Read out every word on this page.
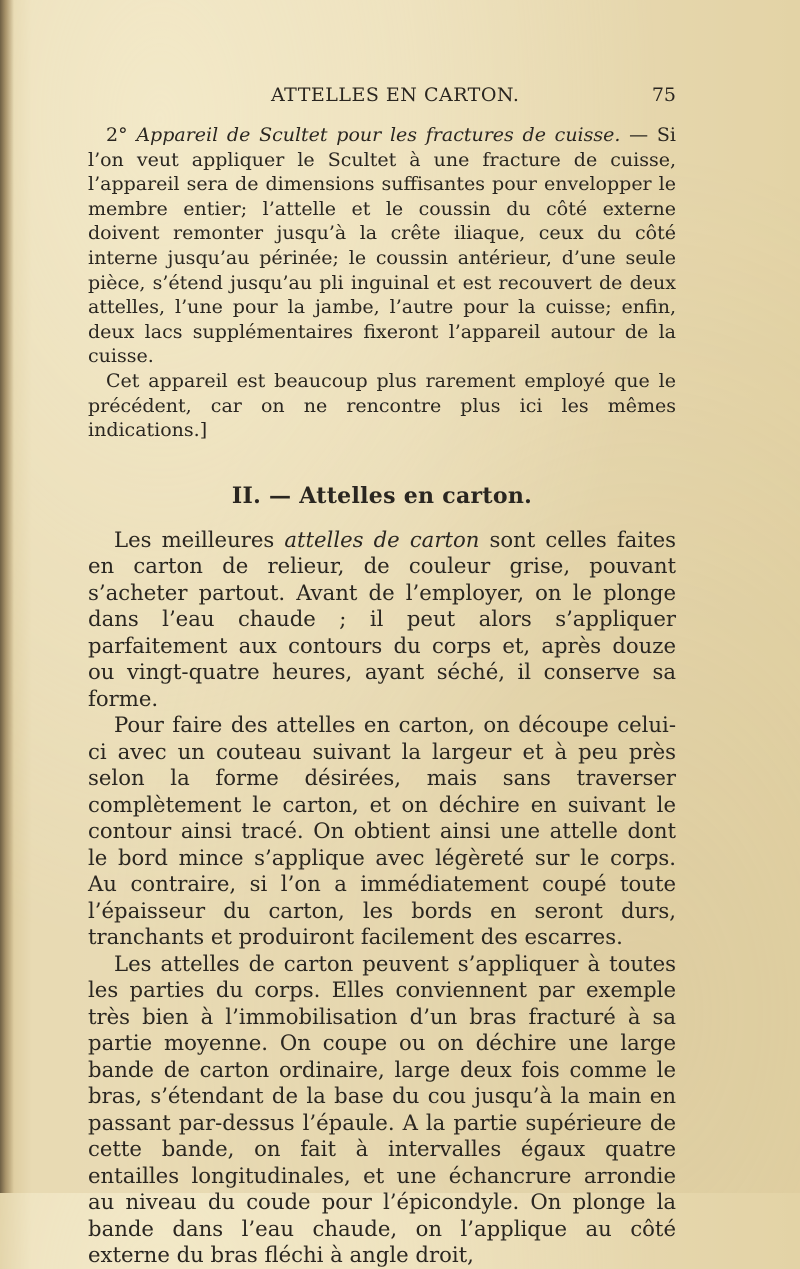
ATTELLES EN CARTON.	75

2° Appareil de Scultet pour les fractures de cuisse. — Si l’on veut appliquer le Scultet à une fracture de cuisse, l’appareil sera de dimensions suffisantes pour envelopper le membre entier; l’attelle et le coussin du côté externe doivent remonter jusqu’à la crête iliaque, ceux du côté interne jusqu’au périnée; le coussin antérieur, d’une seule pièce, s’étend jusqu’au pli inguinal et est recouvert de deux attelles, l’une pour la jambe, l’autre pour la cuisse; enfin, deux lacs supplémentaires fixeront l’appareil autour de la cuisse.

Cet appareil est beaucoup plus rarement employé que le précédent, car on ne rencontre plus ici les mêmes indications.]

II. — Attelles en carton.

Les meilleures attelles de carton sont celles faites en carton de relieur, de couleur grise, pouvant s’acheter partout. Avant de l’employer, on le plonge dans l’eau chaude ; il peut alors s’appliquer parfaitement aux contours du corps et, après douze ou vingt-quatre heures, ayant séché, il conserve sa forme.

Pour faire des attelles en carton, on découpe celui-ci avec un couteau suivant la largeur et à peu près selon la forme désirées, mais sans traverser complètement le carton, et on déchire en suivant le contour ainsi tracé. On obtient ainsi une attelle dont le bord mince s’applique avec légèreté sur le corps. Au contraire, si l’on a immédiatement coupé toute l’épaisseur du carton, les bords en seront durs, tranchants et produiront facilement des escarres.

Les attelles de carton peuvent s’appliquer à toutes les parties du corps. Elles conviennent par exemple très bien à l’immobilisation d’un bras fracturé à sa partie moyenne. On coupe ou on déchire une large bande de carton ordinaire, large deux fois comme le bras, s’étendant de la base du cou jusqu’à la main en passant par-dessus l’épaule. A la partie supérieure de cette bande, on fait à intervalles égaux quatre entailles longitudinales, et une échancrure arrondie au niveau du coude pour l’épicondyle. On plonge la bande dans l’eau chaude, on l’applique au côté externe du bras fléchi à angle droit,
